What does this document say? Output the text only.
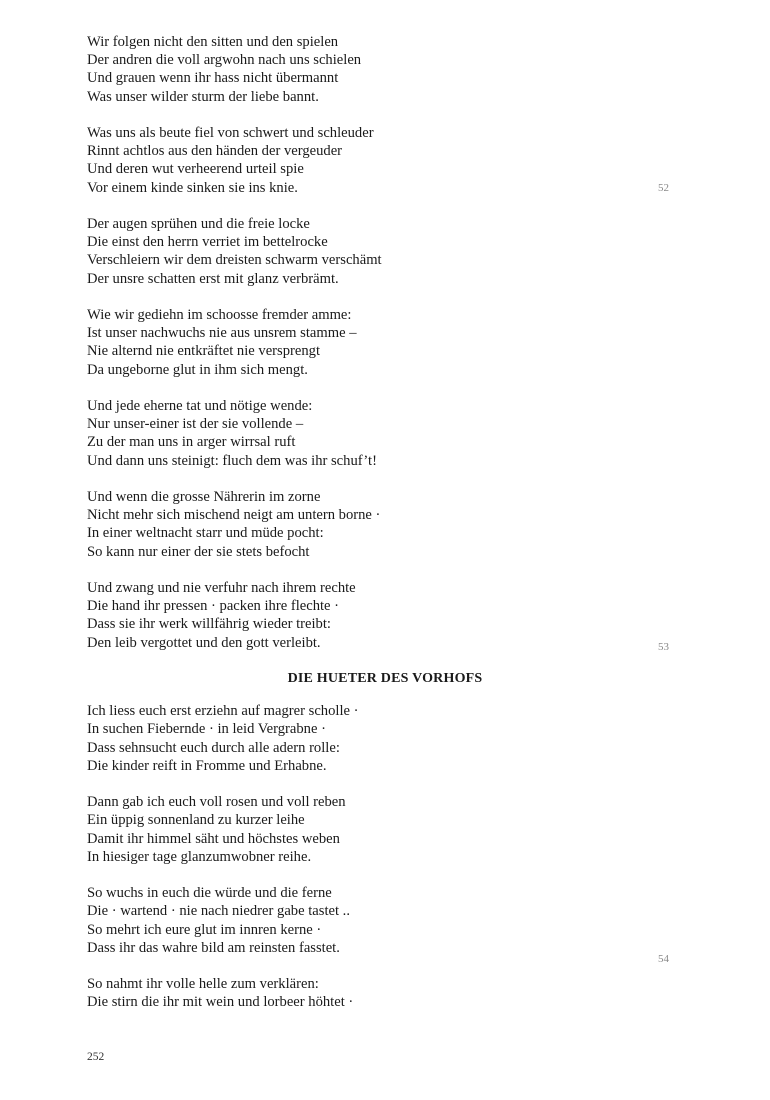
Wir folgen nicht den sitten und den spielen
Der andren die voll argwohn nach uns schielen
Und grauen wenn ihr hass nicht übermannt
Was unser wilder sturm der liebe bannt.
Was uns als beute fiel von schwert und schleuder
Rinnt achtlos aus den händen der vergeuder
Und deren wut verheerend urteil spie
Vor einem kinde sinken sie ins knie.
Der augen sprühen und die freie locke
Die einst den herrn verriet im bettelrocke
Verschleiern wir dem dreisten schwarm verschämt
Der unsre schatten erst mit glanz verbrämt.
Wie wir gediehn im schoosse fremder amme:
Ist unser nachwuchs nie aus unsrem stamme –
Nie alternd nie entkräftet nie versprengt
Da ungeborne glut in ihm sich mengt.
Und jede eherne tat und nötige wende:
Nur unser-einer ist der sie vollende –
Zu der man uns in arger wirrsal ruft
Und dann uns steinigt: fluch dem was ihr schuf’t!
Und wenn die grosse Nährerin im zorne
Nicht mehr sich mischend neigt am untern borne ·
In einer weltnacht starr und müde pocht:
So kann nur einer der sie stets befocht
Und zwang und nie verfuhr nach ihrem rechte
Die hand ihr pressen · packen ihre flechte ·
Dass sie ihr werk willfährig wieder treibt:
Den leib vergottet und den gott verleibt.
DIE HUETER DES VORHOFS
Ich liess euch erst erziehn auf magrer scholle ·
In suchen Fiebernde · in leid Vergrabne ·
Dass sehnsucht euch durch alle adern rolle:
Die kinder reift in Fromme und Erhabne.
Dann gab ich euch voll rosen und voll reben
Ein üppig sonnenland zu kurzer leihe
Damit ihr himmel säht und höchstes weben
In hiesiger tage glanzumwobner reihe.
So wuchs in euch die würde und die ferne
Die · wartend · nie nach niedrer gabe tastet ..
So mehrt ich eure glut im innren kerne ·
Dass ihr das wahre bild am reinsten fasstet.
So nahmt ihr volle helle zum verklären:
Die stirn die ihr mit wein und lorbeer höhtet ·
52
53
54
252
